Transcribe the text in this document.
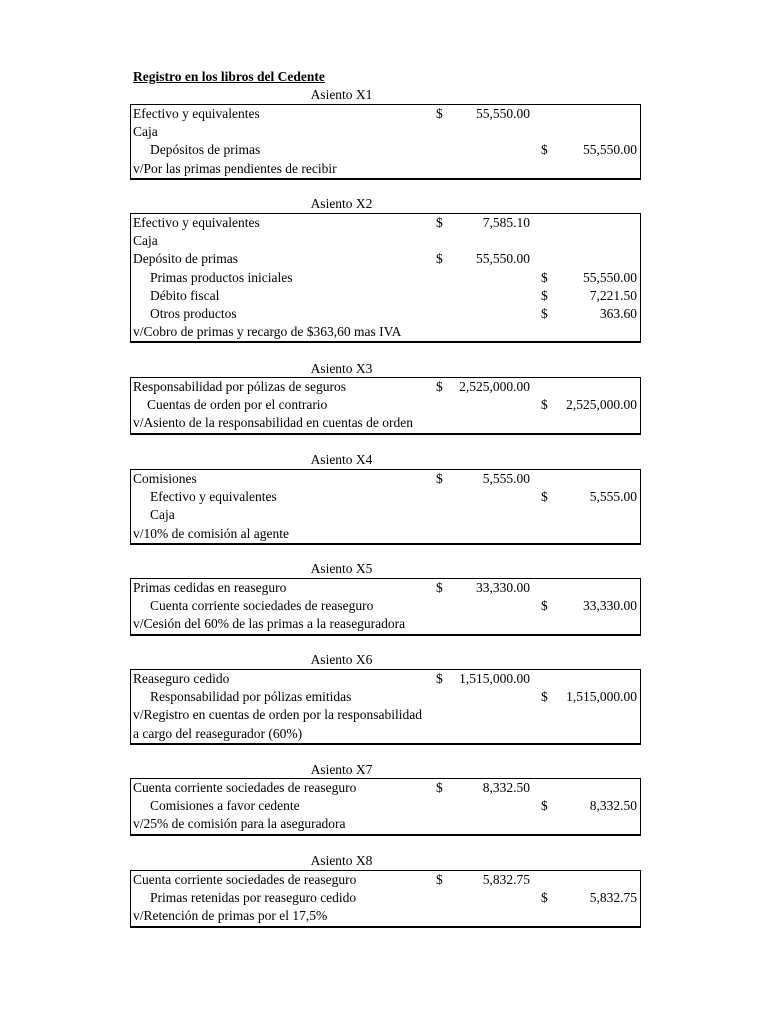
Registro en los libros del Cedente
Asiento X1
Efectivo y equivalentes	$	55,550.00
Caja
Depósitos de primas	$	55,550.00
v/Por las primas pendientes de recibir
Asiento X2
Efectivo y equivalentes	$	7,585.10
Caja
Depósito de primas	$	55,550.00
Primas productos iniciales	$	55,550.00
Débito fiscal	$	7,221.50
Otros productos	$	363.60
v/Cobro de primas y recargo de $363,60 mas IVA
Asiento X3
Responsabilidad por pólizas de seguros	$	2,525,000.00
Cuentas de orden por el contrario	$	2,525,000.00
v/Asiento de la responsabilidad en cuentas de orden
Asiento X4
Comisiones	$	5,555.00
Efectivo y equivalentes	$	5,555.00
Caja
v/10% de comisión al agente
Asiento X5
Primas cedidas en reaseguro	$	33,330.00
Cuenta corriente sociedades de reaseguro	$	33,330.00
v/Cesión del 60% de las primas a la reaseguradora
Asiento X6
Reaseguro cedido	$	1,515,000.00
Responsabilidad por pólizas emitidas	$	1,515,000.00
v/Registro en cuentas de orden por la responsabilidad
a cargo del reasegurador (60%)
Asiento X7
Cuenta corriente sociedades de reaseguro	$	8,332.50
Comisiones a favor cedente	$	8,332.50
v/25% de comisión para la aseguradora
Asiento X8
Cuenta corriente sociedades de reaseguro	$	5,832.75
Primas retenidas por reaseguro cedido	$	5,832.75
v/Retención de primas por el 17,5%
